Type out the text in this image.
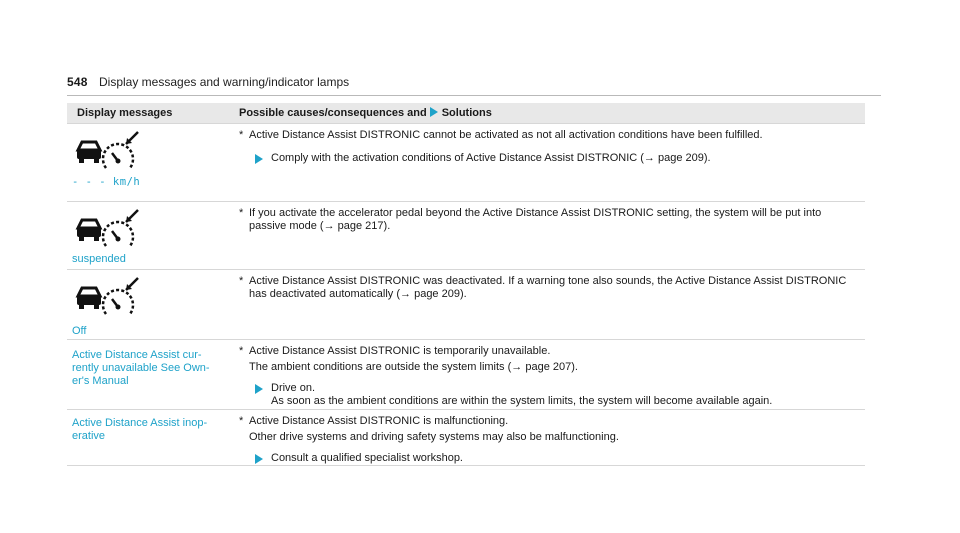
548 Display messages and warning/indicator lamps
Display messages	Possible causes/consequences and Solutions

- - - km/h	* Active Distance Assist DISTRONIC cannot be activated as not all activation conditions have been fulfilled.
Comply with the activation conditions of Active Distance Assist DISTRONIC (→ page 209).

suspended	* If you activate the accelerator pedal beyond the Active Distance Assist DISTRONIC setting, the system will be put into passive mode (→ page 217).

Off	* Active Distance Assist DISTRONIC was deactivated. If a warning tone also sounds, the Active Distance Assist DISTRONIC has deactivated automatically (→ page 209).

Active Distance Assist cur-rently unavailable See Own-er's Manual	* Active Distance Assist DISTRONIC is temporarily unavailable.
The ambient conditions are outside the system limits (→ page 207).
Drive on.
As soon as the ambient conditions are within the system limits, the system will become available again.

Active Distance Assist inop-erative	* Active Distance Assist DISTRONIC is malfunctioning.
Other drive systems and driving safety systems may also be malfunctioning.
Consult a qualified specialist workshop.
